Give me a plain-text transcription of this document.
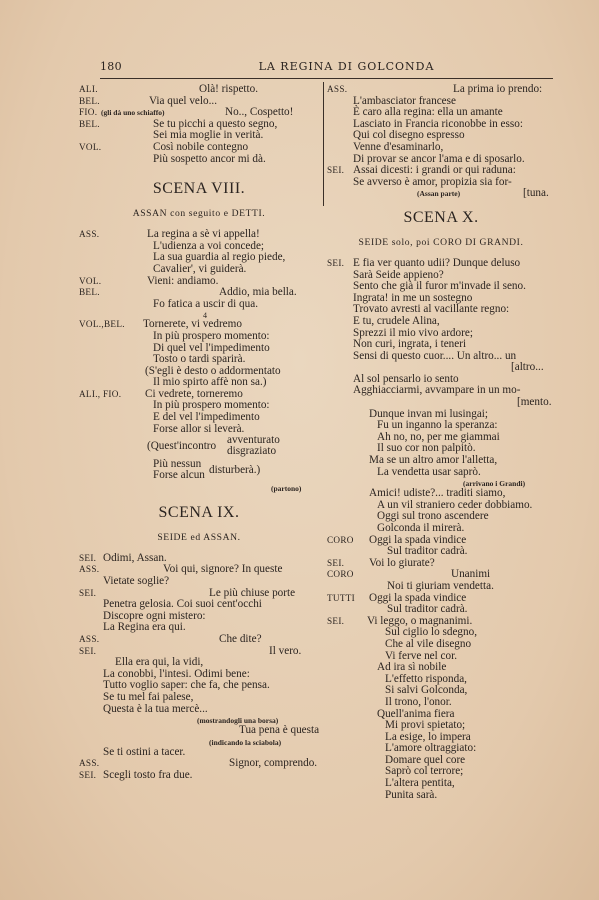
180	LA REGINA DI GOLCONDA
ALI.	Olà! rispetto.
BEL.	Via quel velo...
FIO. (gli dà uno schiaffo)	No.., Cospetto!
BEL.	Se tu picchi a questo segno,
Sei mia moglie in verità.
VOL.	Così nobile contegno
Più sospetto ancor mi dà.
SCENA VIII.
ASSAN con seguito e DETTI.
ASS.	La regina a sè vi appella!
L'udienza a voi concede;
La sua guardia al regio piede,
Cavalier', vi guiderà.
VOL.	Vieni: andiamo.
BEL.	Addio, mia bella.
Fo fatica a uscir di qua.
4
VOL.,BEL. Tornerete, vi vedremo
In più prospero momento:
Di quel vel l'impedimento
Tosto o tardi sparirà.
(S'egli è desto o addormentato
Il mio spirto affè non sa.)
ALI., FIO. Ci vedrete, torneremo
In più prospero momento:
E del vel l'impedimento
Forse allor si leverà.
(Quest'incontro avventurato
disgraziato
Più nessun
Forse alcun disturberà.)
(partono)
SCENA IX.
SEIDE ed ASSAN.
SEI. Odimi, Assan.
ASS.	Voi qui, signore? In queste
Vietate soglie?
SEI.	Le più chiuse porte
Penetra gelosia. Coi suoi cent'occhi
Discopre ogni mistero:
La Regina era qui.
ASS.	Che dite?
SEI.	Il vero.
Ella era qui, la vidi,
La conobbi, l'intesi. Odimi bene:
Tutto voglio saper: che fa, che pensa.
Se tu mel fai palese,
Questa è la tua mercè...
(mostrandogli una borsa)
Tua pena è questa
(indicando la sciabola)
Se ti ostini a tacer.
ASS.	Signor, comprendo.
SEI. Scegli tosto fra due.
ASS.	La prima io prendo:
L'ambasciator francese
È caro alla regina: ella un amante
Lasciato in Francia riconobbe in esso:
Qui col disegno espresso
Venne d'esaminarlo,
Di provar se ancor l'ama e di sposarlo.
SEI. Assai dicesti: i grandi or qui raduna:
Se avverso è amor, propizia sia for-
(Assan parte)	[tuna.
SCENA X.
SEIDE solo, poi CORO DI GRANDI.
SEI. E fia ver quanto udii? Dunque deluso
Sarà Seide appieno?
Sento che già il furor m'invade il seno.
Ingrata! in me un sostegno
Trovato avresti al vacillante regno:
E tu, crudele Alina,
Sprezzi il mio vivo ardore;
Non curi, ingrata, i teneri
Sensi di questo cuor.... Un altro... un
[altro...
Al sol pensarlo io sento
Agghiacciarmi, avvampare in un mo-
[mento.
Dunque invan mi lusingai;
Fu un inganno la speranza:
Ah no, no, per me giammai
Il suo cor non palpitò.
Ma se un altro amor l'alletta,
La vendetta usar saprò.
(arrivano i Grandi)
Amici! udiste?... traditi siamo,
A un vil straniero ceder dobbiamo.
Oggi sul trono ascendere
Golconda il mirerà.
CORO Oggi la spada vindice
Sul traditor cadrà.
SEI. Voi lo giurate?
CORO	Unanimi
Noi ti giuriam vendetta.
TUTTI Oggi la spada vindice
Sul traditor cadrà.
SEI. Vi leggo, o magnanimi.
Sul ciglio lo sdegno,
Che al vile disegno
Vi ferve nel cor.
Ad ira sì nobile
L'effetto risponda,
Si salvi Golconda,
Il trono, l'onor.
Quell'anima fiera
Mi provi spietato;
La esige, lo impera
L'amore oltraggiato:
Domare quel core
Saprò col terrore;
L'altera pentita,
Punita sarà.
